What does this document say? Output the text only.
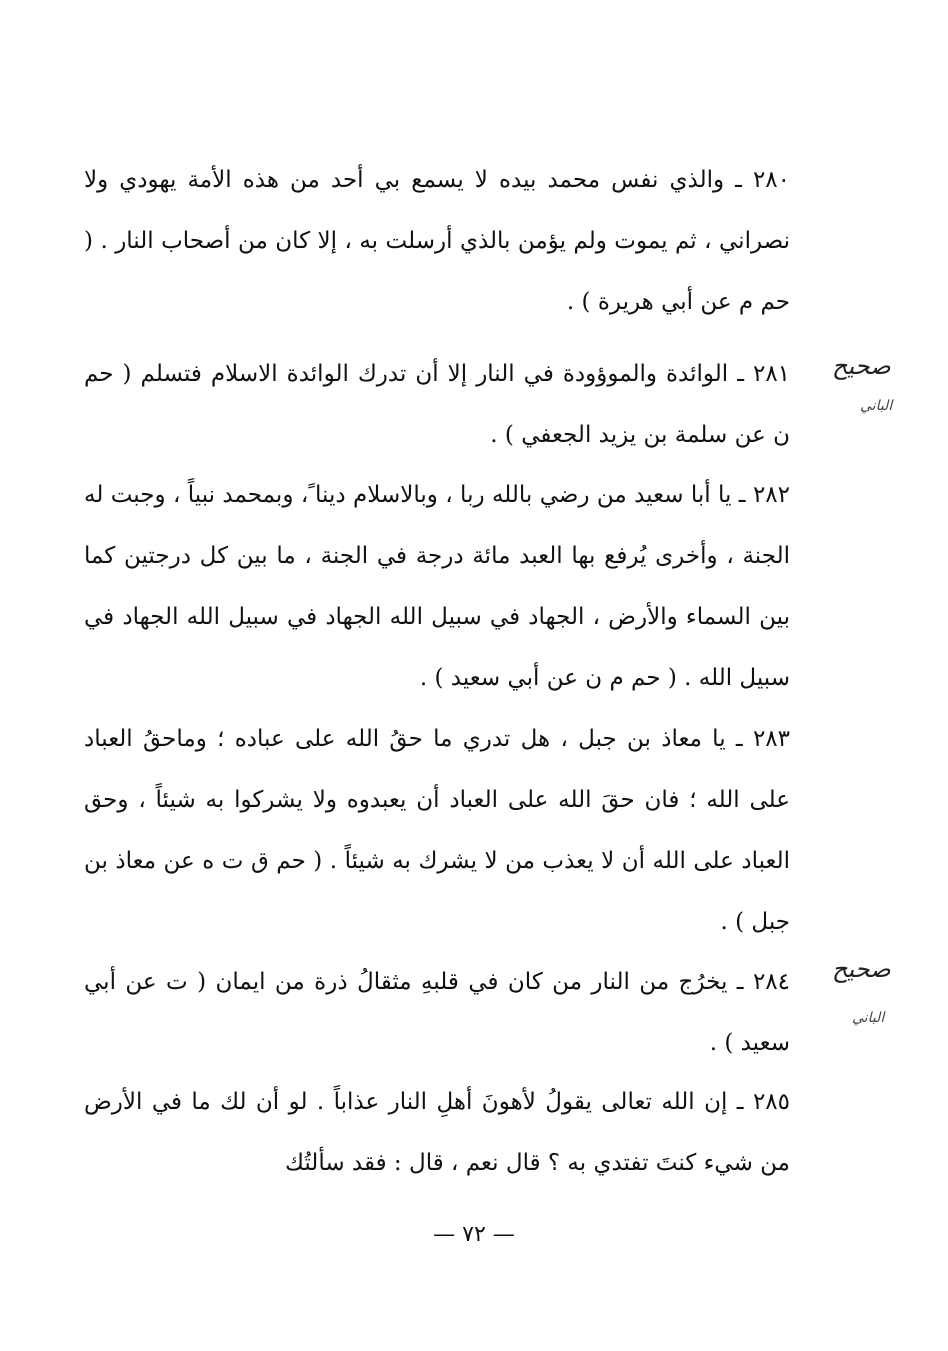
٢٨٠ ـ والذي نفس محمد بيده لا يسمع بي أحد من هذه الأمة يهودي ولا نصراني ، ثم يموت ولم يؤمن بالذي أرسلت به ، إلا كان من أصحاب النار . ( حم م عن أبي هريرة ) .

٢٨١ ـ الوائدة والموؤودة في النار إلا أن تدرك الوائدة الاسلام فتسلم ( حم ن عن سلمة بن يزيد الجعفي ) .

٢٨٢ ـ يا أبا سعيد من رضي بالله ربا ، وبالاسلام دينا ً، وبمحمد نبياً ، وجبت له الجنة ، وأخرى يُرفع بها العبد مائة درجة في الجنة ، ما بين كل درجتين كما بين السماء والأرض ، الجهاد في سبيل الله الجهاد في سبيل الله الجهاد في سبيل الله . ( حم م ن عن أبي سعيد ) .

٢٨٣ ـ يا معاذ بن جبل ، هل تدري ما حقُ الله على عباده ؛ وماحقُ العباد على الله ؛ فان حقَ الله على العباد أن يعبدوه ولا يشركوا به شيئاً ، وحق العباد على الله أن لا يعذب من لا يشرك به شيئاً . ( حم ق ت ه عن معاذ بن جبل ) .

٢٨٤ ـ يخرُج من النار من كان في قلبهِ مثقالُ ذرة من ايمان ( ت عن أبي سعيد ) .

٢٨٥ ـ إن الله تعالى يقولُ لأهونَ أهلِ النار عذاباً . لو أن لك ما في الأرض من شيء كنتَ تفتدي به ؟ قال نعم ، قال : فقد سألتُك

صحيح
الباني
صحيح
الباني
— ٧٢ —
